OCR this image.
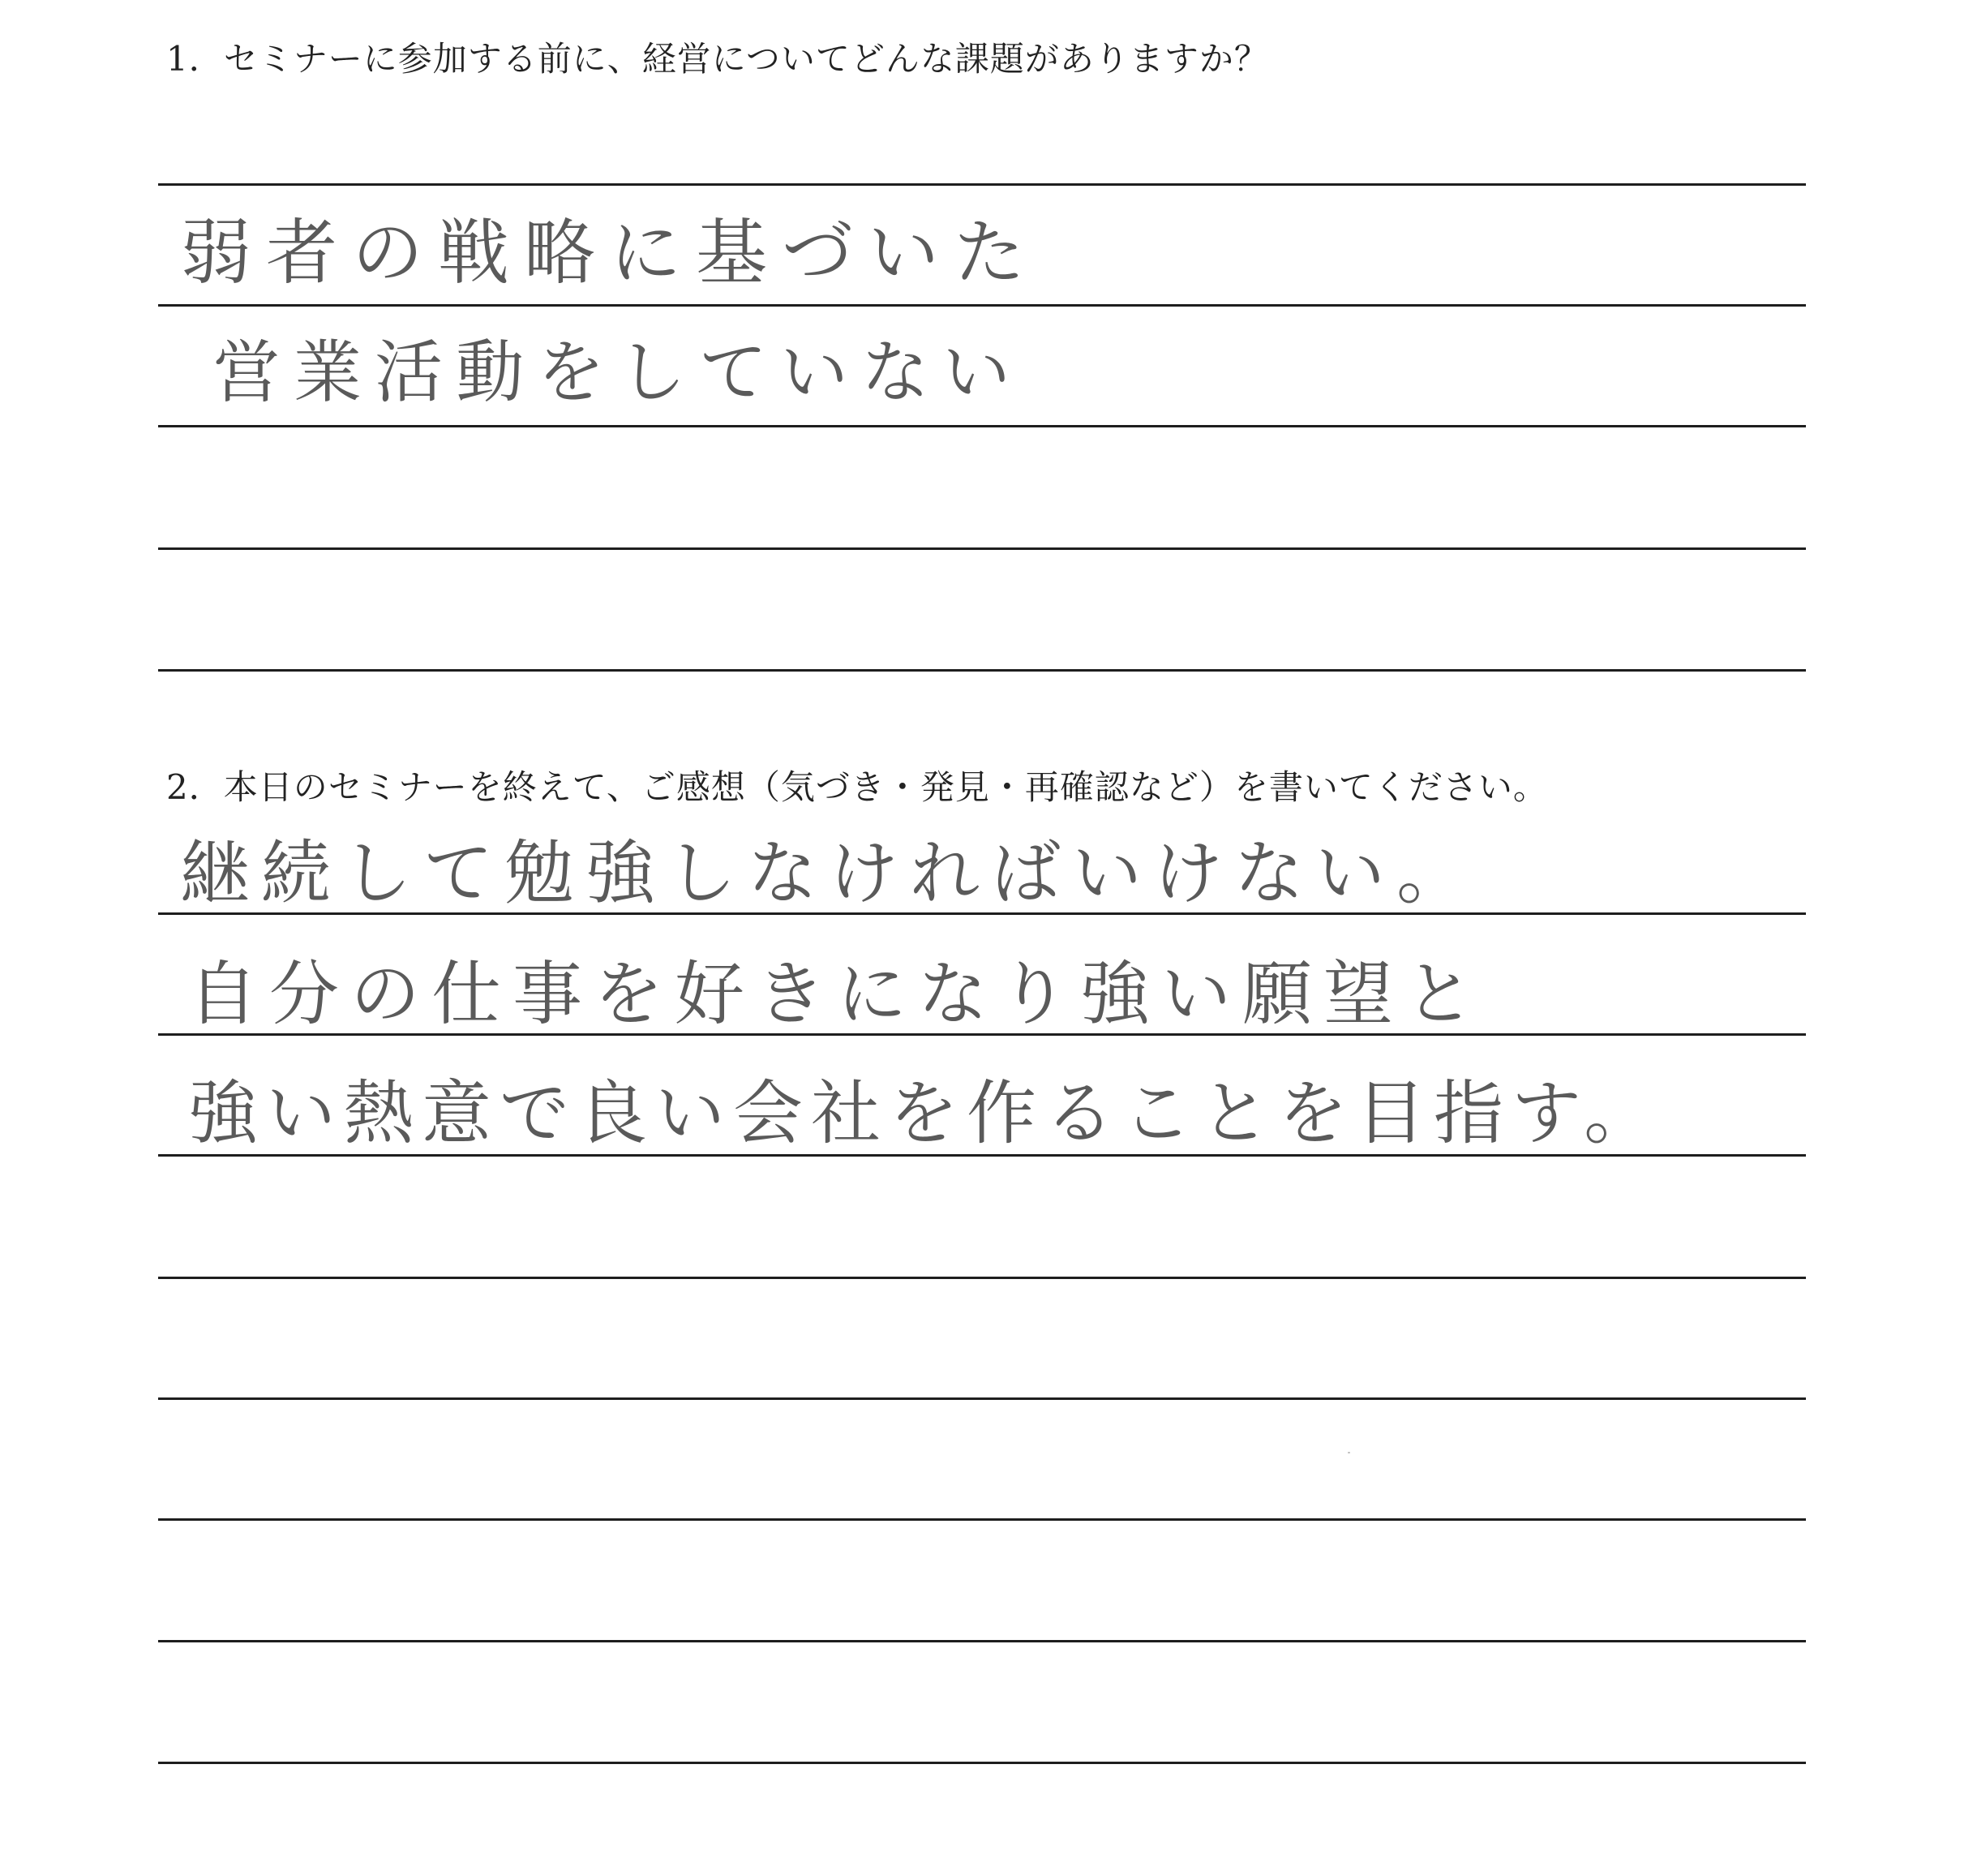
1．セミナーに参加する前に、経営についてどんな課題がありますか？
弱者の戦略に基づいた
営業活動をしていない
2．本日のセミナーを終えて、ご感想（気づき・発見・再確認など）を書いてください。
継続して勉強しなければいけない。
自分の仕事を好きになり強い願望と
強い熱意で良い会社を作ることを目指す。
